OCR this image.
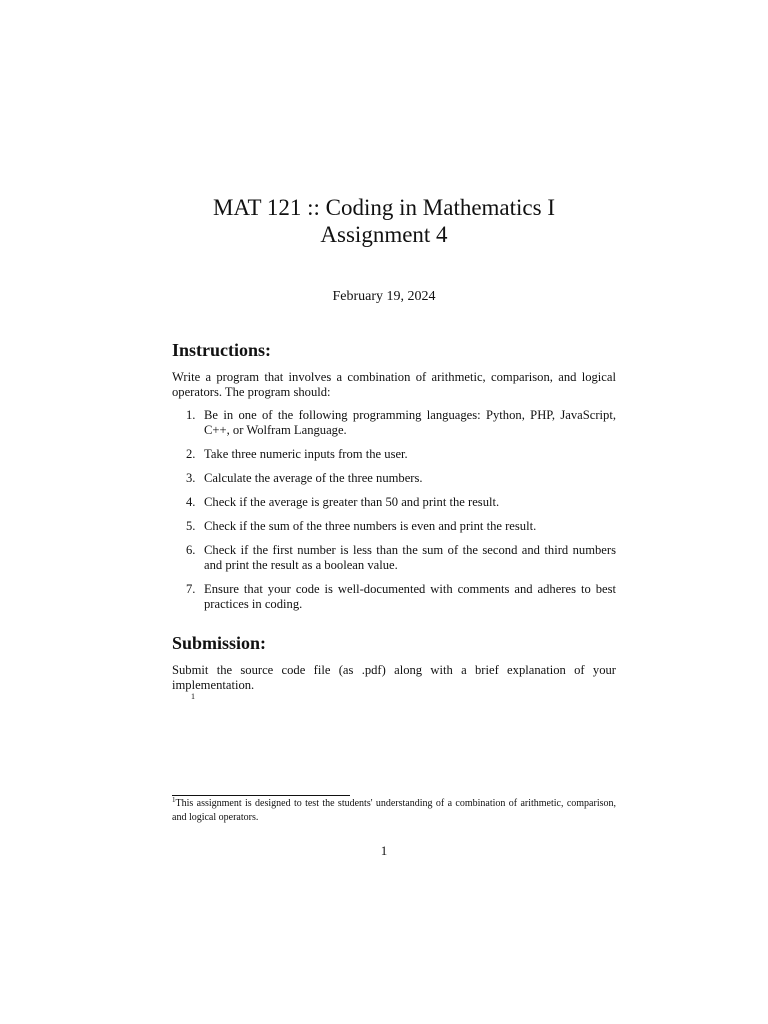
MAT 121 :: Coding in Mathematics I
Assignment 4
February 19, 2024
Instructions:

Write a program that involves a combination of arithmetic, comparison, and logical operators. The program should:

1. Be in one of the following programming languages: Python, PHP, JavaScript, C++, or Wolfram Language.
2. Take three numeric inputs from the user.
3. Calculate the average of the three numbers.
4. Check if the average is greater than 50 and print the result.
5. Check if the sum of the three numbers is even and print the result.
6. Check if the first number is less than the sum of the second and third numbers and print the result as a boolean value.
7. Ensure that your code is well-documented with comments and adheres to best practices in coding.
Submission:

Submit the source code file (as .pdf) along with a brief explanation of your implementation.

1
$^1$This assignment is designed to test the students' understanding of a combination of arithmetic, comparison, and logical operators.
1
